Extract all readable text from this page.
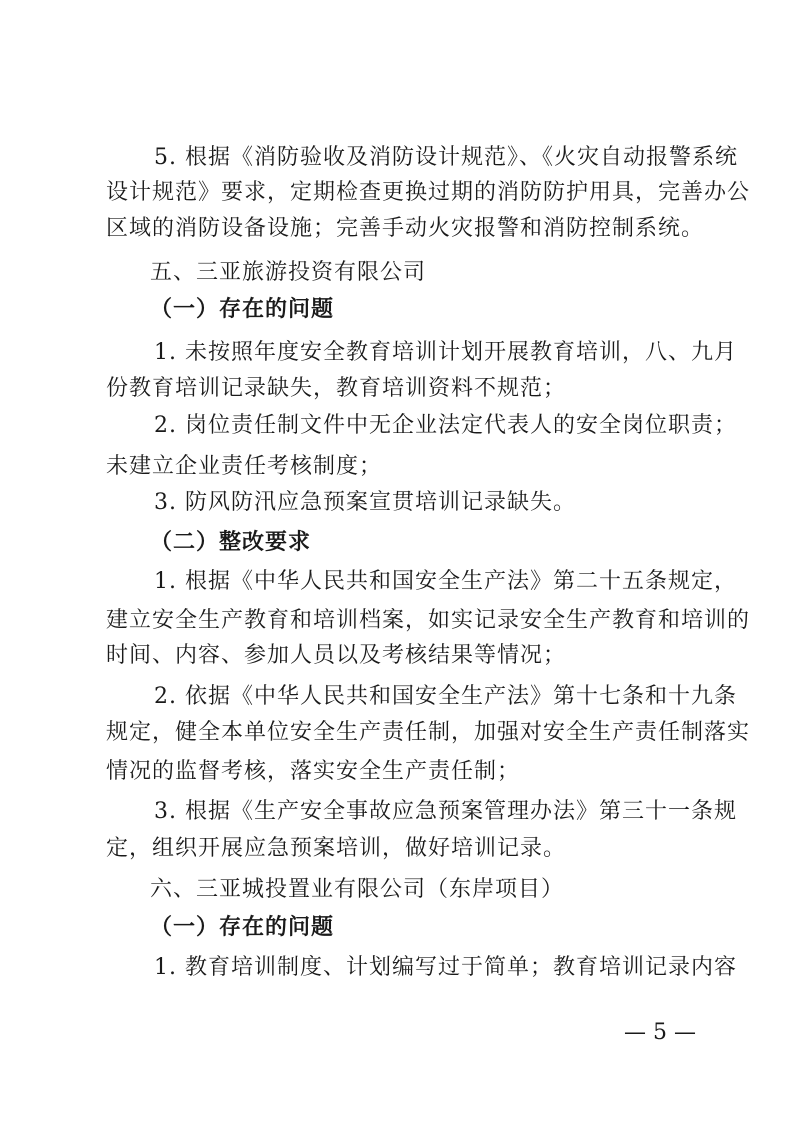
5. 根据《消防验收及消防设计规范》、《火灾自动报警系统
设计规范》要求，定期检查更换过期的消防防护用具，完善办公
区域的消防设备设施；完善手动火灾报警和消防控制系统。
五、三亚旅游投资有限公司
（一）存在的问题
1. 未按照年度安全教育培训计划开展教育培训，八、九月
份教育培训记录缺失，教育培训资料不规范；
2. 岗位责任制文件中无企业法定代表人的安全岗位职责；
未建立企业责任考核制度；
3. 防风防汛应急预案宣贯培训记录缺失。
（二）整改要求
1. 根据《中华人民共和国安全生产法》第二十五条规定，
建立安全生产教育和培训档案，如实记录安全生产教育和培训的
时间、内容、参加人员以及考核结果等情况；
2. 依据《中华人民共和国安全生产法》第十七条和十九条
规定，健全本单位安全生产责任制，加强对安全生产责任制落实
情况的监督考核，落实安全生产责任制；
3. 根据《生产安全事故应急预案管理办法》第三十一条规
定，组织开展应急预案培训，做好培训记录。
六、三亚城投置业有限公司（东岸项目）
（一）存在的问题
1. 教育培训制度、计划编写过于简单；教育培训记录内容
— 5 —
